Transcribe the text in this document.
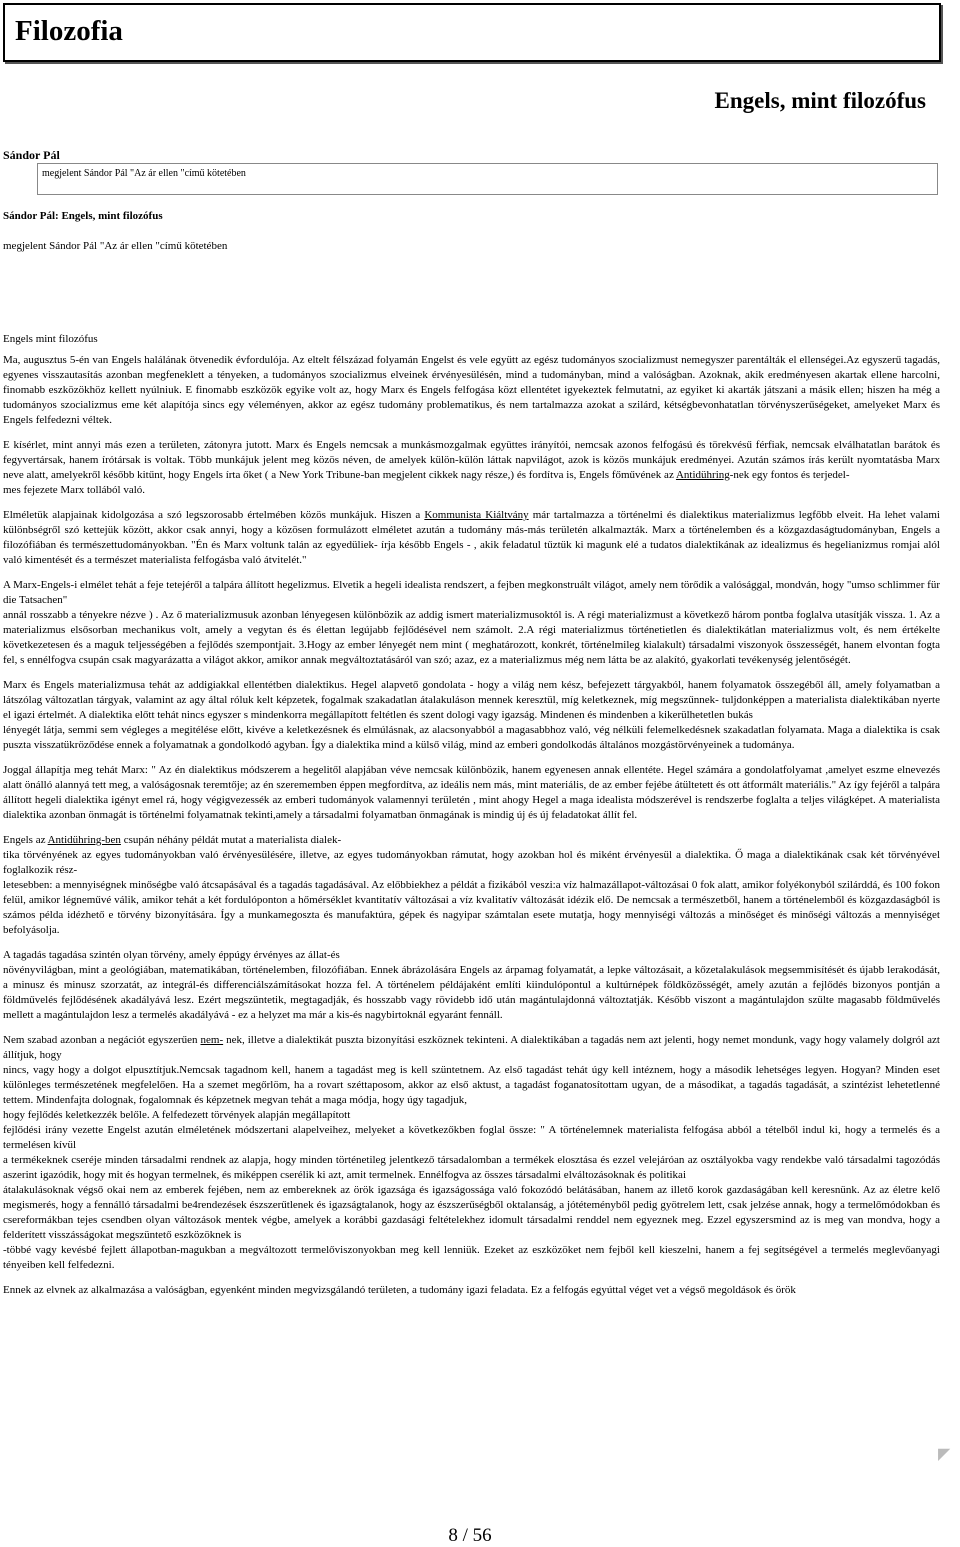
Filozofia
Engels, mint filozófus
Sándor Pál
megjelent Sándor Pál "Az ár ellen "című kötetében
Sándor Pál: Engels, mint filozófus
megjelent Sándor Pál "Az ár ellen "című kötetében
Engels mint filozófus

Ma, augusztus 5-én van Engels halálának ötvenedik évfordulója. Az eltelt félszázad folyamán Engelst és vele együtt az egész tudományos szocializmust nemegyszer parentálták el ellenségei.Az egyszerű tagadás, egyenes visszautasítás azonban megfeneklett a tényeken, a tudományos szocializmus elveinek érvényesülésén, mind a tudományban, mind a valóságban. Azoknak, akik eredményesen akartak ellene harcolni, finomabb eszközökhöz kellett nyúlniuk. E finomabb eszközök egyike volt az, hogy Marx és Engels felfogása közt ellentétet igyekeztek felmutatni, az egyiket ki akarták játszani a másik ellen; hiszen ha még a tudományos szocializmus eme két alapítója sincs egy véleményen, akkor az egész tudomány problematikus, és nem tartalmazza azokat a szilárd, kétségbevonhatatlan törvényszerűségeket, amelyeket Marx és Engels felfedezni véltek.

E kísérlet, mint annyi más ezen a területen, zátonyra jutott. Marx és Engels nemcsak a munkásmozgalmak együttes irányítói, nemcsak azonos felfogású és törekvésű férfiak, nemcsak elválhatatlan barátok és fegyvertársak, hanem írótársak is voltak. Több munkájuk jelent meg közös néven, de amelyek külön-külön láttak napvilágot, azok is közös munkájuk eredményei. Azután számos írás került nyomtatásba Marx neve alatt, amelyekről később kitűnt, hogy Engels írta őket ( a New York Tribune-ban megjelent cikkek nagy része,) és fordítva is, Engels főművének az Antidühring-nek egy fontos és terjedel-
mes fejezete Marx tollából való.

Elméletük alapjainak kidolgozása a szó legszorosabb értelmében közös munkájuk. Hiszen a Kommunista Kiáltvány már tartalmazza a történelmi és dialektikus materializmus legfőbb elveit. Ha lehet valami különbségről szó kettejük között, akkor csak annyi, hogy a közösen formulázott elméletet azután a tudomány más-más területén alkalmazták. Marx a történelemben és a közgazdaságtudományban, Engels a filozófiában és természettudományokban. "Én és Marx voltunk talán az egyedüliek- írja később Engels - , akik feladatul tűztük ki magunk elé a tudatos dialektikának az idealizmus és hegelianizmus romjai alól való kimentését és a természet materialista felfogásba való átvitelét."

A Marx-Engels-i elmélet tehát a feje tetejéről a talpára állított hegelizmus. Elvetik a hegeli idealista rendszert, a fejben megkonstruált világot, amely nem törődik a valósággal, mondván, hogy "umso schlimmer für die Tatsachen"
annál rosszabb a tényekre nézve ) . Az ő materializmusuk azonban lényegesen különbözik az addig ismert materializmusoktól is. A régi materializmust a következő három pontba foglalva utasítják vissza. 1. Az a materializmus elsősorban mechanikus volt, amely a vegytan és és élettan legújabb fejlődésével nem számolt. 2.A régi materializmus történetietlen és dialektikátlan materializmus volt, és nem értékelte következetesen és a maguk teljességében a fejlődés szempontjait. 3.Hogy az ember lényegét nem mint ( meghatározott, konkrét, történelmileg kialakult) társadalmi viszonyok összességét, hanem elvontan fogta fel, s ennélfogva csupán csak magyarázatta a világot akkor, amikor annak megváltoztatásáról van szó; azaz, ez a materializmus még nem látta be az alakító, gyakorlati tevékenység jelentőségét.

Marx és Engels materializmusa tehát az addigiakkal ellentétben dialektikus. Hegel alapvető gondolata - hogy a világ nem kész, befejezett tárgyakból, hanem folyamatok összegéből áll, amely folyamatban a látszólag változatlan tárgyak, valamint az agy által róluk kelt képzetek, fogalmak szakadatlan átalakuláson mennek keresztül, míg keletkeznek, míg megszűnnek- tuljdonképpen a materialista dialektikában nyerte el igazi értelmét. A dialektika előtt tehát nincs egyszer s mindenkorra megállapított feltétlen és szent dologi vagy igazság. Mindenen és mindenben a kikerülhetetlen bukás
lényegét látja, semmi sem végleges a megitélése előtt, kivéve a keletkezésnek és elmúlásnak, az alacsonyabból a magasabbhoz való, vég nélküli felemelkedésnek szakadatlan folyamata. Maga a dialektika is csak puszta visszatükröződése ennek a folyamatnak a gondolkodó agyban. Így a dialektika mind a külső világ, mind az emberi gondolkodás általános mozgástörvényeinek a tudománya.

Joggal állapítja meg tehát Marx: " Az én dialektikus módszerem a hegelitől alapjában véve nemcsak különbözik, hanem egyenesen annak ellentéte. Hegel számára a gondolatfolyamat ,amelyet eszme elnevezés alatt önálló alannyá tett meg, a valóságosnak teremtője; az én szerememben éppen megfordítva, az ideális nem más, mint materiális, de az ember fejébe átültetett és ott átformált materiális." Az így fejéről a talpára állított hegeli dialektika igényt emel rá, hogy végigvezessék az emberi tudományok valamennyi területén , mint ahogy Hegel a maga idealista módszerével is rendszerbe foglalta a teljes világképet. A materialista dialektika azonban önmagát is történelmi folyamatnak tekinti,amely a társadalmi folyamatban önmagának is mindig új és új feladatokat állít fel.

Engels az Antidühring-ben csupán néhány példát mutat a materialista dialek-
tika törvényének az egyes tudományokban való érvényesülésére, illetve, az egyes tudományokban rámutat, hogy azokban hol és miként érvényesül a dialektika. Ő maga a dialektikának csak két törvényével foglalkozik rész-
letesebben: a mennyiségnek minőségbe való átcsapásával és a tagadás tagadásával. Az előbbiekhez a példát a fizikából veszi:a víz halmazállapot-változásai 0 fok alatt, amikor folyékonyból szilárddá, és 100 fokon felül, amikor légneművé válik, amikor tehát a két fordulóponton a hőmérséklet kvantitatív változásai a víz kvalitatív változását idézik elő. De nemcsak a természetből, hanem a történelemből és közgazdaságból is számos példa idézhető e törvény bizonyítására. Így a munkamegoszta és manufaktúra, gépek és nagyipar számtalan esete mutatja, hogy mennyiségi változás a minőséget és minőségi változás a mennyiséget befolyásolja.

A tagadás tagadása szintén olyan törvény, amely éppúgy érvényes az állat-és
növényvilágban, mint a geológiában, matematikában, történelemben, filozófiában. Ennek ábrázolására Engels az árpamag folyamatát, a lepke változásait, a kőzetalakulások megsemmisítését és újabb lerakodását, a minusz és minusz szorzatát, az integrál-és differenciálszámításokat hozza fel. A történelem példájaként említi kiindulópontul a kultúrnépek földközösségét, amely azután a fejlődés bizonyos pontján a földművelés fejlődésének akadályává lesz. Ezért megszüntetik, megtagadják, és hosszabb vagy rövidebb idő után magántulajdonná változtatják. Később viszont a magántulajdon szülte magasabb földművelés mellett a magántulajdon lesz a termelés akadályává - ez a helyzet ma már a kis-és nagybirtoknál egyaránt fennáll.

Nem szabad azonban a negációt egyszerűen nem- nek, illetve a dialektikát puszta bizonyítási eszköznek tekinteni. A dialektikában a tagadás nem azt jelenti, hogy nemet mondunk, vagy hogy valamely dolgról azt állítjuk, hogy
nincs, vagy hogy a dolgot elpusztítjuk.Nemcsak tagadnom kell, hanem a tagadást meg is kell szüntetnem. Az első tagadást tehát úgy kell intéznem, hogy a második lehetséges legyen. Hogyan? Minden eset különleges természetének megfelelően. Ha a szemet megőrlöm, ha a rovart széttaposom, akkor az első aktust, a tagadást foganatosítottam ugyan, de a másodikat, a tagadás tagadását, a szintézist lehetetlenné tettem. Mindenfajta dolognak, fogalomnak és képzetnek megvan tehát a maga módja, hogy úgy tagadjuk,
hogy fejlődés keletkezzék belőle. A felfedezett törvények alapján megállapított
fejlődési irány vezette Engelst azután elméletének módszertani alapelveihez, melyeket a következőkben foglal össze: " A történelemnek materialista felfogása abból a tételből indul ki, hogy a termelés és a termelésen kívül
a termékeknek cseréje minden társadalmi rendnek az alapja, hogy minden történetileg jelentkező társadalomban a termékek elosztása és ezzel velejáróan az osztályokba vagy rendekbe való társadalmi tagozódás aszerint igazódik, hogy mit és hogyan termelnek, és miképpen cserélik ki azt, amit termelnek. Ennélfogva az összes társadalmi elváltozásoknak és politikai
átalakulásoknak végső okai nem az emberek fejében, nem az embereknek az örök igazsága és igazságossága való fokozódó belátásában, hanem az illető korok gazdaságában kell keresnünk. Az az életre kelő megismerés, hogy a fennálló társadalmi be4rendezések észszerűtlenek és igazságtalanok, hogy az észszerűségből oktalanság, a jótéteményből pedig gyötrelem lett, csak jelzése annak, hogy a termelőmódokban és csereformákban tejes csendben olyan változások mentek végbe, amelyek a korábbi gazdasági feltételekhez idomult társadalmi renddel nem egyeznek meg. Ezzel egyszersmind az is meg van mondva, hogy a felderített visszásságokat megszüntető eszközöknek is
-többé vagy kevésbé fejlett állapotban-magukban a megváltozott termelőviszonyokban meg kell lenniük. Ezeket az eszközöket nem fejből kell kieszelni, hanem a fej segítségével a termelés meglevőanyagi tényeiben kell felfedezni.

Ennek az elvnek az alkalmazása a valóságban, egyenként minden megvizsgálandó területen, a tudomány igazi feladata. Ez a felfogás egyúttal véget vet a végső megoldások és örök

◤
8 / 56
